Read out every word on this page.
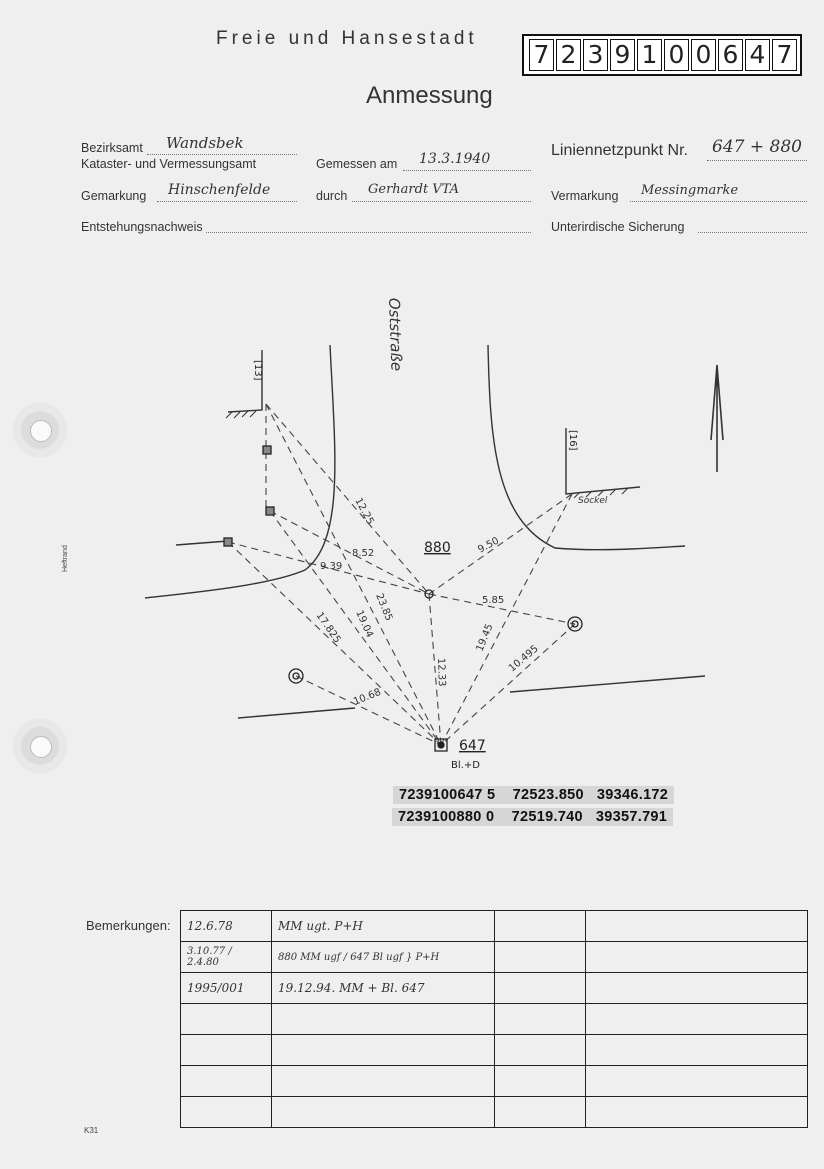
Freie und Hansestadt
7 2 3 9 1 0 0 6 4 7
Anmessung
Bezirksamt Wandsbek
Kataster- und Vermessungsamt	Gemessen am 13.3.1940	Liniennetzpunkt Nr. 647 + 880
Gemarkung Hinschenfelde	durch Gerhardt VTA	Vermarkung Messingmarke
Entstehungsnachweis	Unterirdische Sicherung
Heftrand
K31
Oststraße
880
647
Bl.+D
[13]
[16]
Sockel
12.25
8.52
9.39
9.50
5.85
23.85
19.04
17.825	19.45
10.495
12.33
10.68
7239100647 5 72523.850 39346.172
7239100880 0 72519.740 39357.791
Bemerkungen: 12.6.78	MM ugt. P+H		
3.10.77 / 2.4.80	880 MM ugf / 647 Bl ugf } P+H		
1995/001	19.12.94. MM + Bl. 647		
